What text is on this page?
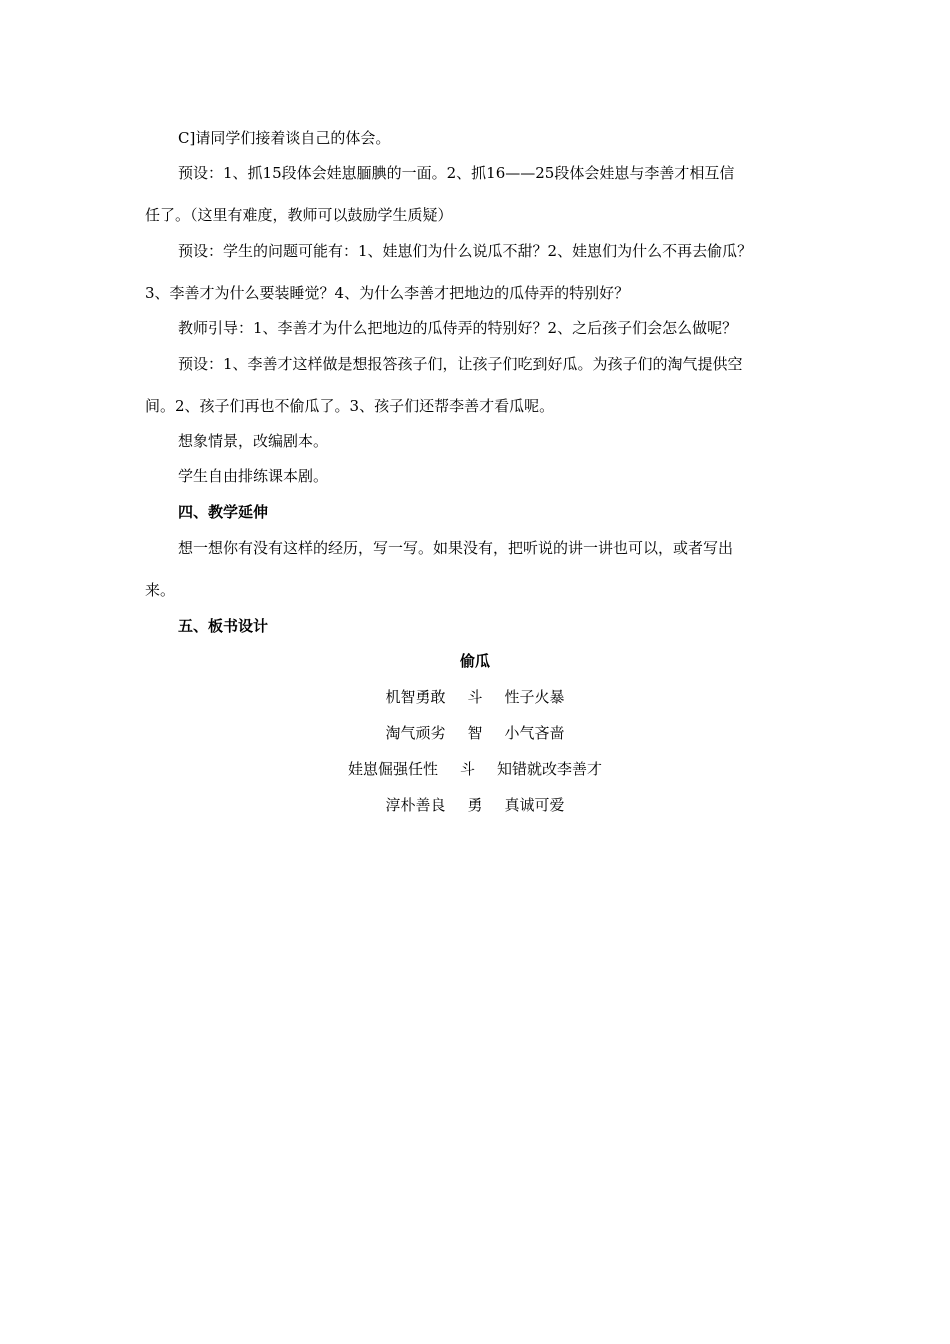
C]请同学们接着谈自己的体会。
预设：1、抓15段体会娃崽腼腆的一面。2、抓16——25段体会娃崽与李善才相互信
任了。（这里有难度，教师可以鼓励学生质疑）
预设：学生的问题可能有：1、娃崽们为什么说瓜不甜？2、娃崽们为什么不再去偷瓜？
3、李善才为什么要装睡觉？4、为什么李善才把地边的瓜侍弄的特别好？
教师引导：1、李善才为什么把地边的瓜侍弄的特别好？2、之后孩子们会怎么做呢？
预设：1、李善才这样做是想报答孩子们，让孩子们吃到好瓜。为孩子们的淘气提供空
间。2、孩子们再也不偷瓜了。3、孩子们还帮李善才看瓜呢。
想象情景，改编剧本。
学生自由排练课本剧。
四、教学延伸
想一想你有没有这样的经历，写一写。如果没有，把听说的讲一讲也可以，或者写出
来。
五、板书设计
偷瓜
机智勇敢 斗 性子火暴
淘气顽劣 智 小气吝啬
娃崽倔强任性 斗 知错就改李善才
淳朴善良 勇 真诚可爱
